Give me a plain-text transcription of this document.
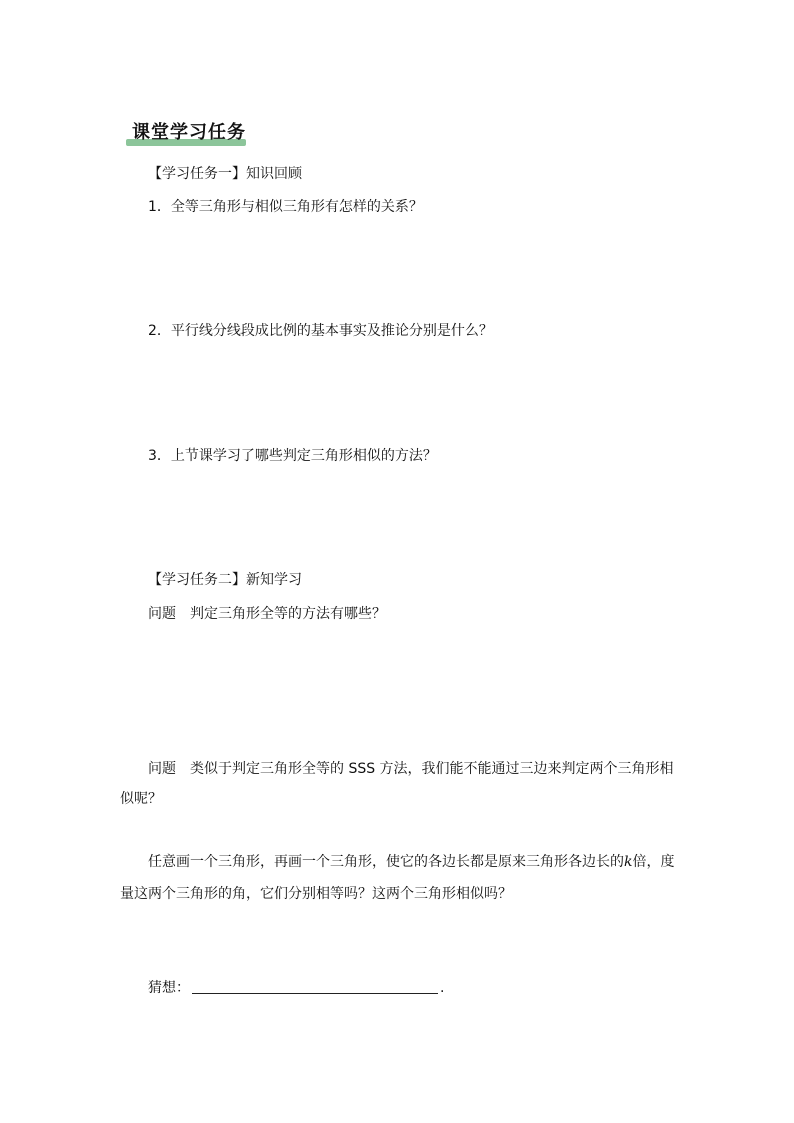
课堂学习任务
【学习任务一】知识回顾
1．全等三角形与相似三角形有怎样的关系？
2．平行线分线段成比例的基本事实及推论分别是什么？
3．上节课学习了哪些判定三角形相似的方法？
【学习任务二】新知学习
问题　判定三角形全等的方法有哪些？
问题　类似于判定三角形全等的 SSS 方法，我们能不能通过三边来判定两个三角形相
似呢？
任意画一个三角形，再画一个三角形，使它的各边长都是原来三角形各边长的k倍，度
量这两个三角形的角，它们分别相等吗？这两个三角形相似吗？
猜想：	.
